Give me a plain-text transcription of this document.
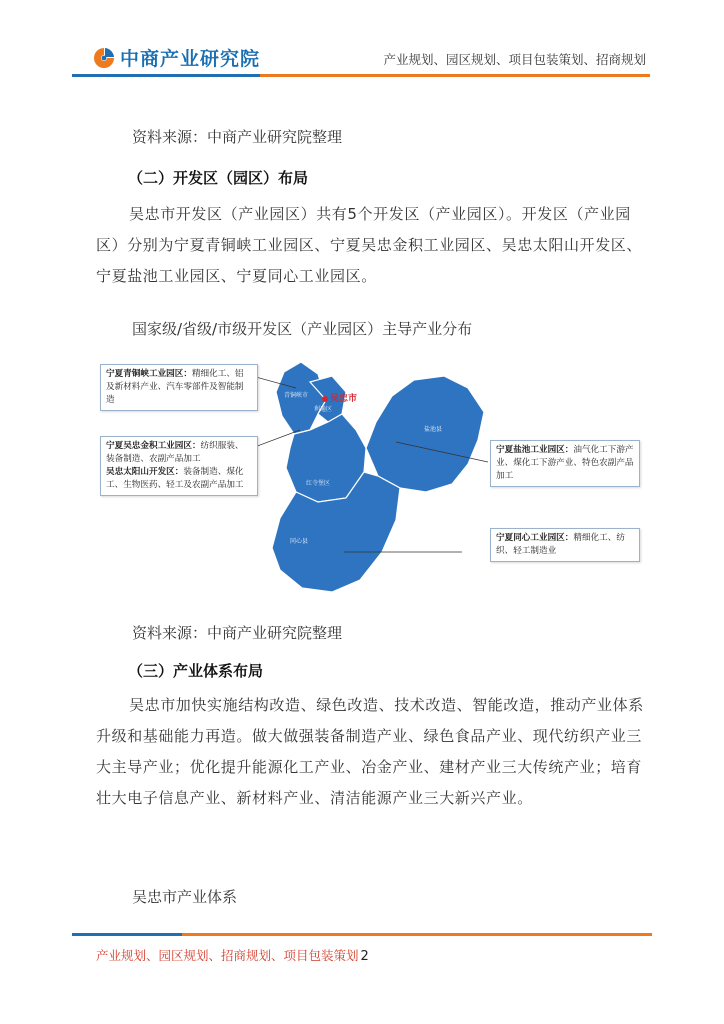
中商产业研究院	产业规划、园区规划、项目包装策划、招商规划
资料来源：中商产业研究院整理
（二）开发区（园区）布局
吴忠市开发区（产业园区）共有5个开发区（产业园区）。开发区（产业园区）分别为宁夏青铜峡工业园区、宁夏吴忠金积工业园区、吴忠太阳山开发区、宁夏盐池工业园区、宁夏同心工业园区。
国家级/省级/市级开发区（产业园区）主导产业分布
吴忠市
青铜峡市
利通区
盐池县
红寺堡区
同心县
宁夏青铜峡工业园区：精细化工、铝及新材料产业、汽车零部件及智能制造
宁夏吴忠金积工业园区：纺织服装、装备制造、农副产品加工
吴忠太阳山开发区：装备制造、煤化工、生物医药、轻工及农副产品加工
宁夏盐池工业园区：油气化工下游产业、煤化工下游产业、特色农副产品加工
宁夏同心工业园区：精细化工、纺织、轻工制造业
资料来源：中商产业研究院整理
（三）产业体系布局
吴忠市加快实施结构改造、绿色改造、技术改造、智能改造，推动产业体系升级和基础能力再造。做大做强装备制造产业、绿色食品产业、现代纺织产业三大主导产业；优化提升能源化工产业、冶金产业、建材产业三大传统产业；培育壮大电子信息产业、新材料产业、清洁能源产业三大新兴产业。
吴忠市产业体系
产业规划、园区规划、招商规划、项目包装策划 2
